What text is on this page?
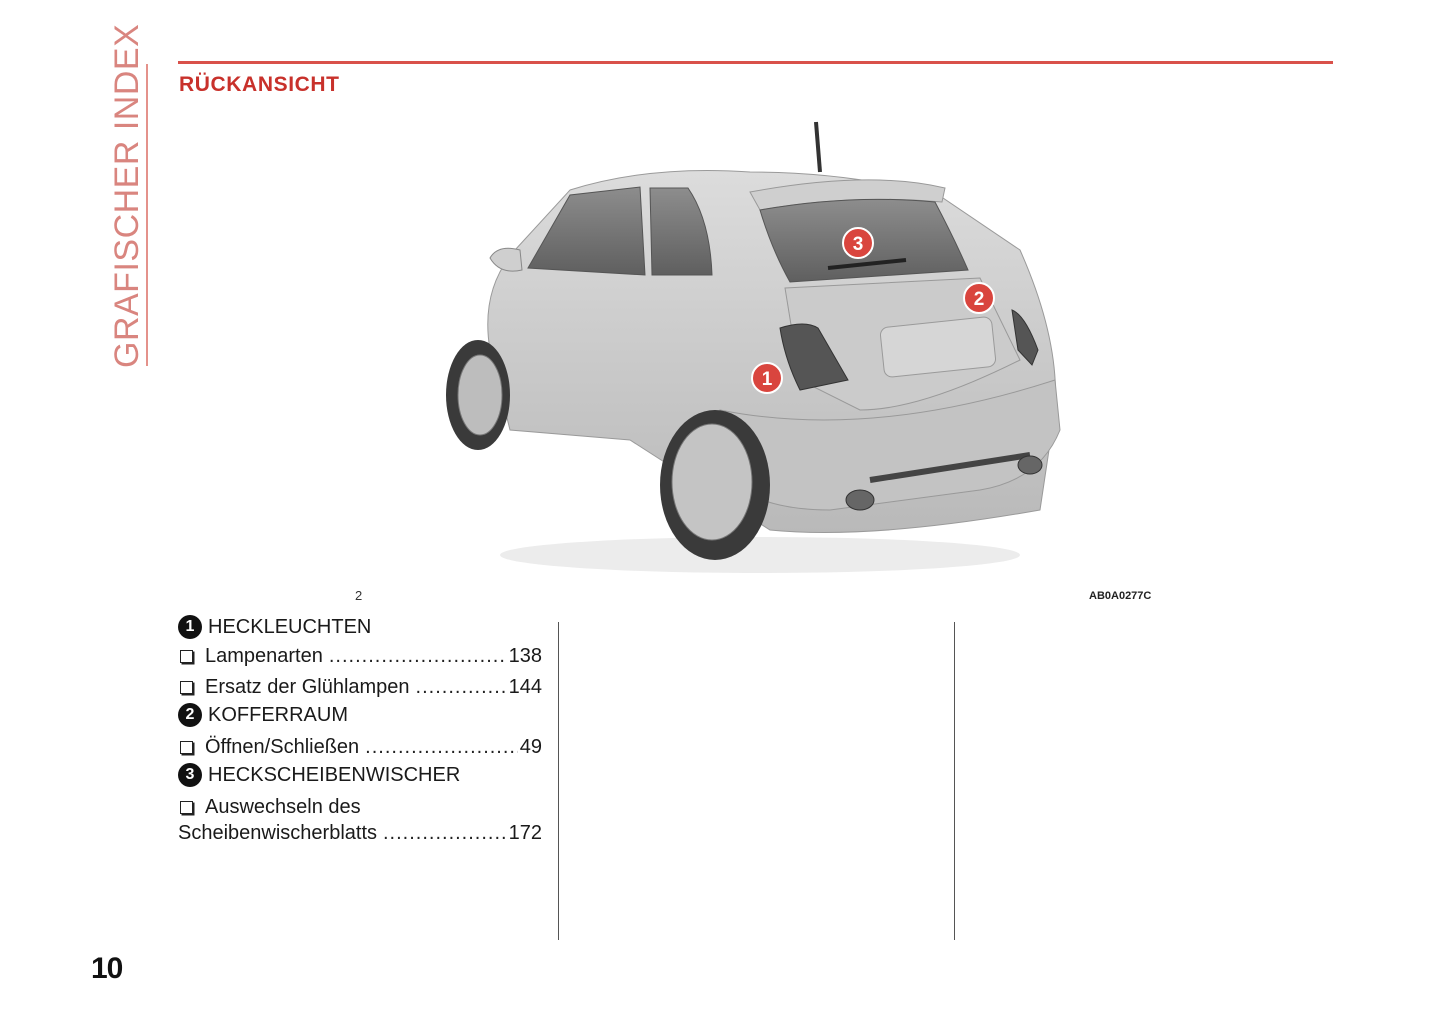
GRAFISCHER INDEX RÜCKANSICHT
1
2
3
2	AB0A0277C
1 HECKLEUCHTEN
Lampenarten .....	138
Ersatz der Glühlampen .....	144
2 KOFFERRAUM
Öffnen/Schließen .....	49
3 HECKSCHEIBENWISCHER
Auswechseln des
Scheibenwischerblatts .....	172
10
